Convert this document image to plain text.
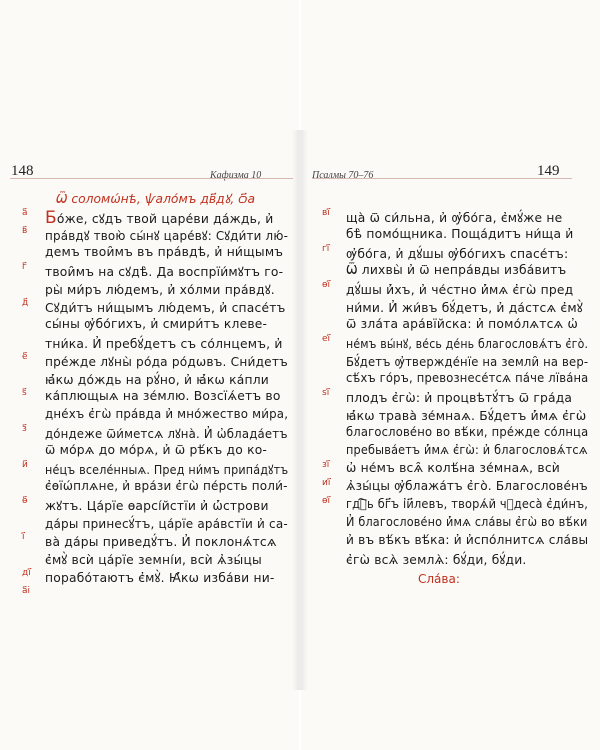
148	Кафизма 10
Ѿ соломѡ́нѣ, ѱало́мъ дв҃дꙋ, ѻ҃а
а҃
в҃
г҃
д҃
е҃
ѕ҃
з҃
и҃
ѳ҃
і҃
ді҃
а҃і
Бо́же, сꙋдъ твой царе́ви да́ждь, и҆
пра́вдꙋ твою̀ сы́нꙋ царе́вꙋ: Сꙋди́ти лю́-
демъ твои̑мъ въ пра́вдѣ, и҆ ни́щымъ
твои̑мъ на сꙋдѣ̀. Да воспрїи́мꙋтъ го-
ры̀ ми́ръ лю́демъ, и҆ хо́лми пра́вдꙋ.
Сꙋди́тъ ни́щымъ лю́демъ, и҆ спасе́тъ
сы́ны ѹ҆бо́гихъ, и҆ смири́тъ клеве-
тни́ка. И҆ пребꙋ́детъ съ со́лнцемъ, и҆
пре́жде лꙋны̀ ро́да ро́дѡвъ. Сни́детъ
ꙗ҆́кѡ до́ждь на рꙋ́но, и҆ ꙗ҆́кѡ ка́пли
ка́плющыѧ на зе́млю. Возсїѧ́етъ во
дне́хъ є҆гѡ̀ пра́вда и҆ мно́жество ми́ра,
до́ндеже ѿи́метсѧ лꙋна̀. И҆ ѡ҆блада́етъ
ѿ мо́рѧ до мо́рѧ, и҆ ѿ рѣ́къ до ко-
не́цъ вселе́нныѧ. Пред ни́мъ припа́дꙋтъ
є҆ѳїѡ́плѧне, и҆ вра́зи є҆гѡ̀ пе́рсть поли́-
жꙋтъ. Ца́рїе ѳарсі́йстїи и҆ ѡ҆́строви
да́ры принесꙋ́тъ, ца́рїе ара́встїи и҆ са-
ва̀ да́ры приведꙋ́тъ. И҆ поклонѧ́тсѧ
є҆мꙋ̀ всѝ ца́рїе земні́и, всѝ ѧ҆зы́цы
порабо́таютъ є҆мꙋ̀. Ꙗ҆́кѡ изба́ви ни-
149
Псалмы 70–76
ві҃
гі҃
ѳі҃
еі҃
ѕі҃
зі҃
иі҃
ѳі҃
ща̀ ѿ си́льна, и҆ ѹ҆бо́га, є҆мꙋ́же не
бѣ̀ помо́щника. Поща́дитъ ни́ща и҆
ѹ҆бо́га, и҆ дꙋ́шы ѹ҆бо́гихъ спасе́тъ:
Ѿ лихвы̀ и҆ ѿ непра́вды изба́витъ
дꙋ́шы и҆́хъ, и҆ че́стно и҆́мѧ є҆гѡ̀ пред
ни́ми. И҆ жи́въ бꙋ́детъ, и҆ да́стсѧ є҆мꙋ̀
ѿ зла́та ара́вїйска: и҆ помо́лѧтсѧ ѡ҆
не́мъ вы́нꙋ, ве́сь де́нь благословѧ́тъ є҆го̀.
Бꙋ́детъ ѹ҆твержде́нїе на земли̑ на вер-
сѣ́хъ го́ръ, превознесе́тсѧ па́че лїва́на
плодъ є҆гѡ̀: и҆ процвѣтꙋ́тъ ѿ гра́да
ꙗ҆́кѡ трава̀ зе́мнаѧ. Бꙋ́детъ и҆́мѧ є҆гѡ̀
благослове́но во вѣ́ки, пре́жде со́лнца
пребыва́етъ и҆́мѧ є҆гѡ̀: и҆ благословѧ́тсѧ
ѡ҆ не́мъ всѧ̑ колѣ́на зе́мнаѧ, всѝ
ѧ҆зы́цы ѹ҆блажа́тъ є҆го̀. Благослове́нъ
гдⷭ҇ь бг҃ъ і҆и҃левъ, творѧ́й чꙋдеса̀ є҆ди́нъ,
И҆ благослове́но и҆́мѧ сла́вы є҆гѡ̀ во вѣ́ки
и҆ въ вѣ́къ вѣ́ка: и҆ и҆спо́лнитсѧ сла́вы
є҆гѡ̀ всѧ̀ землѧ̀: бꙋ́ди, бꙋ́ди.
Сла́ва:
